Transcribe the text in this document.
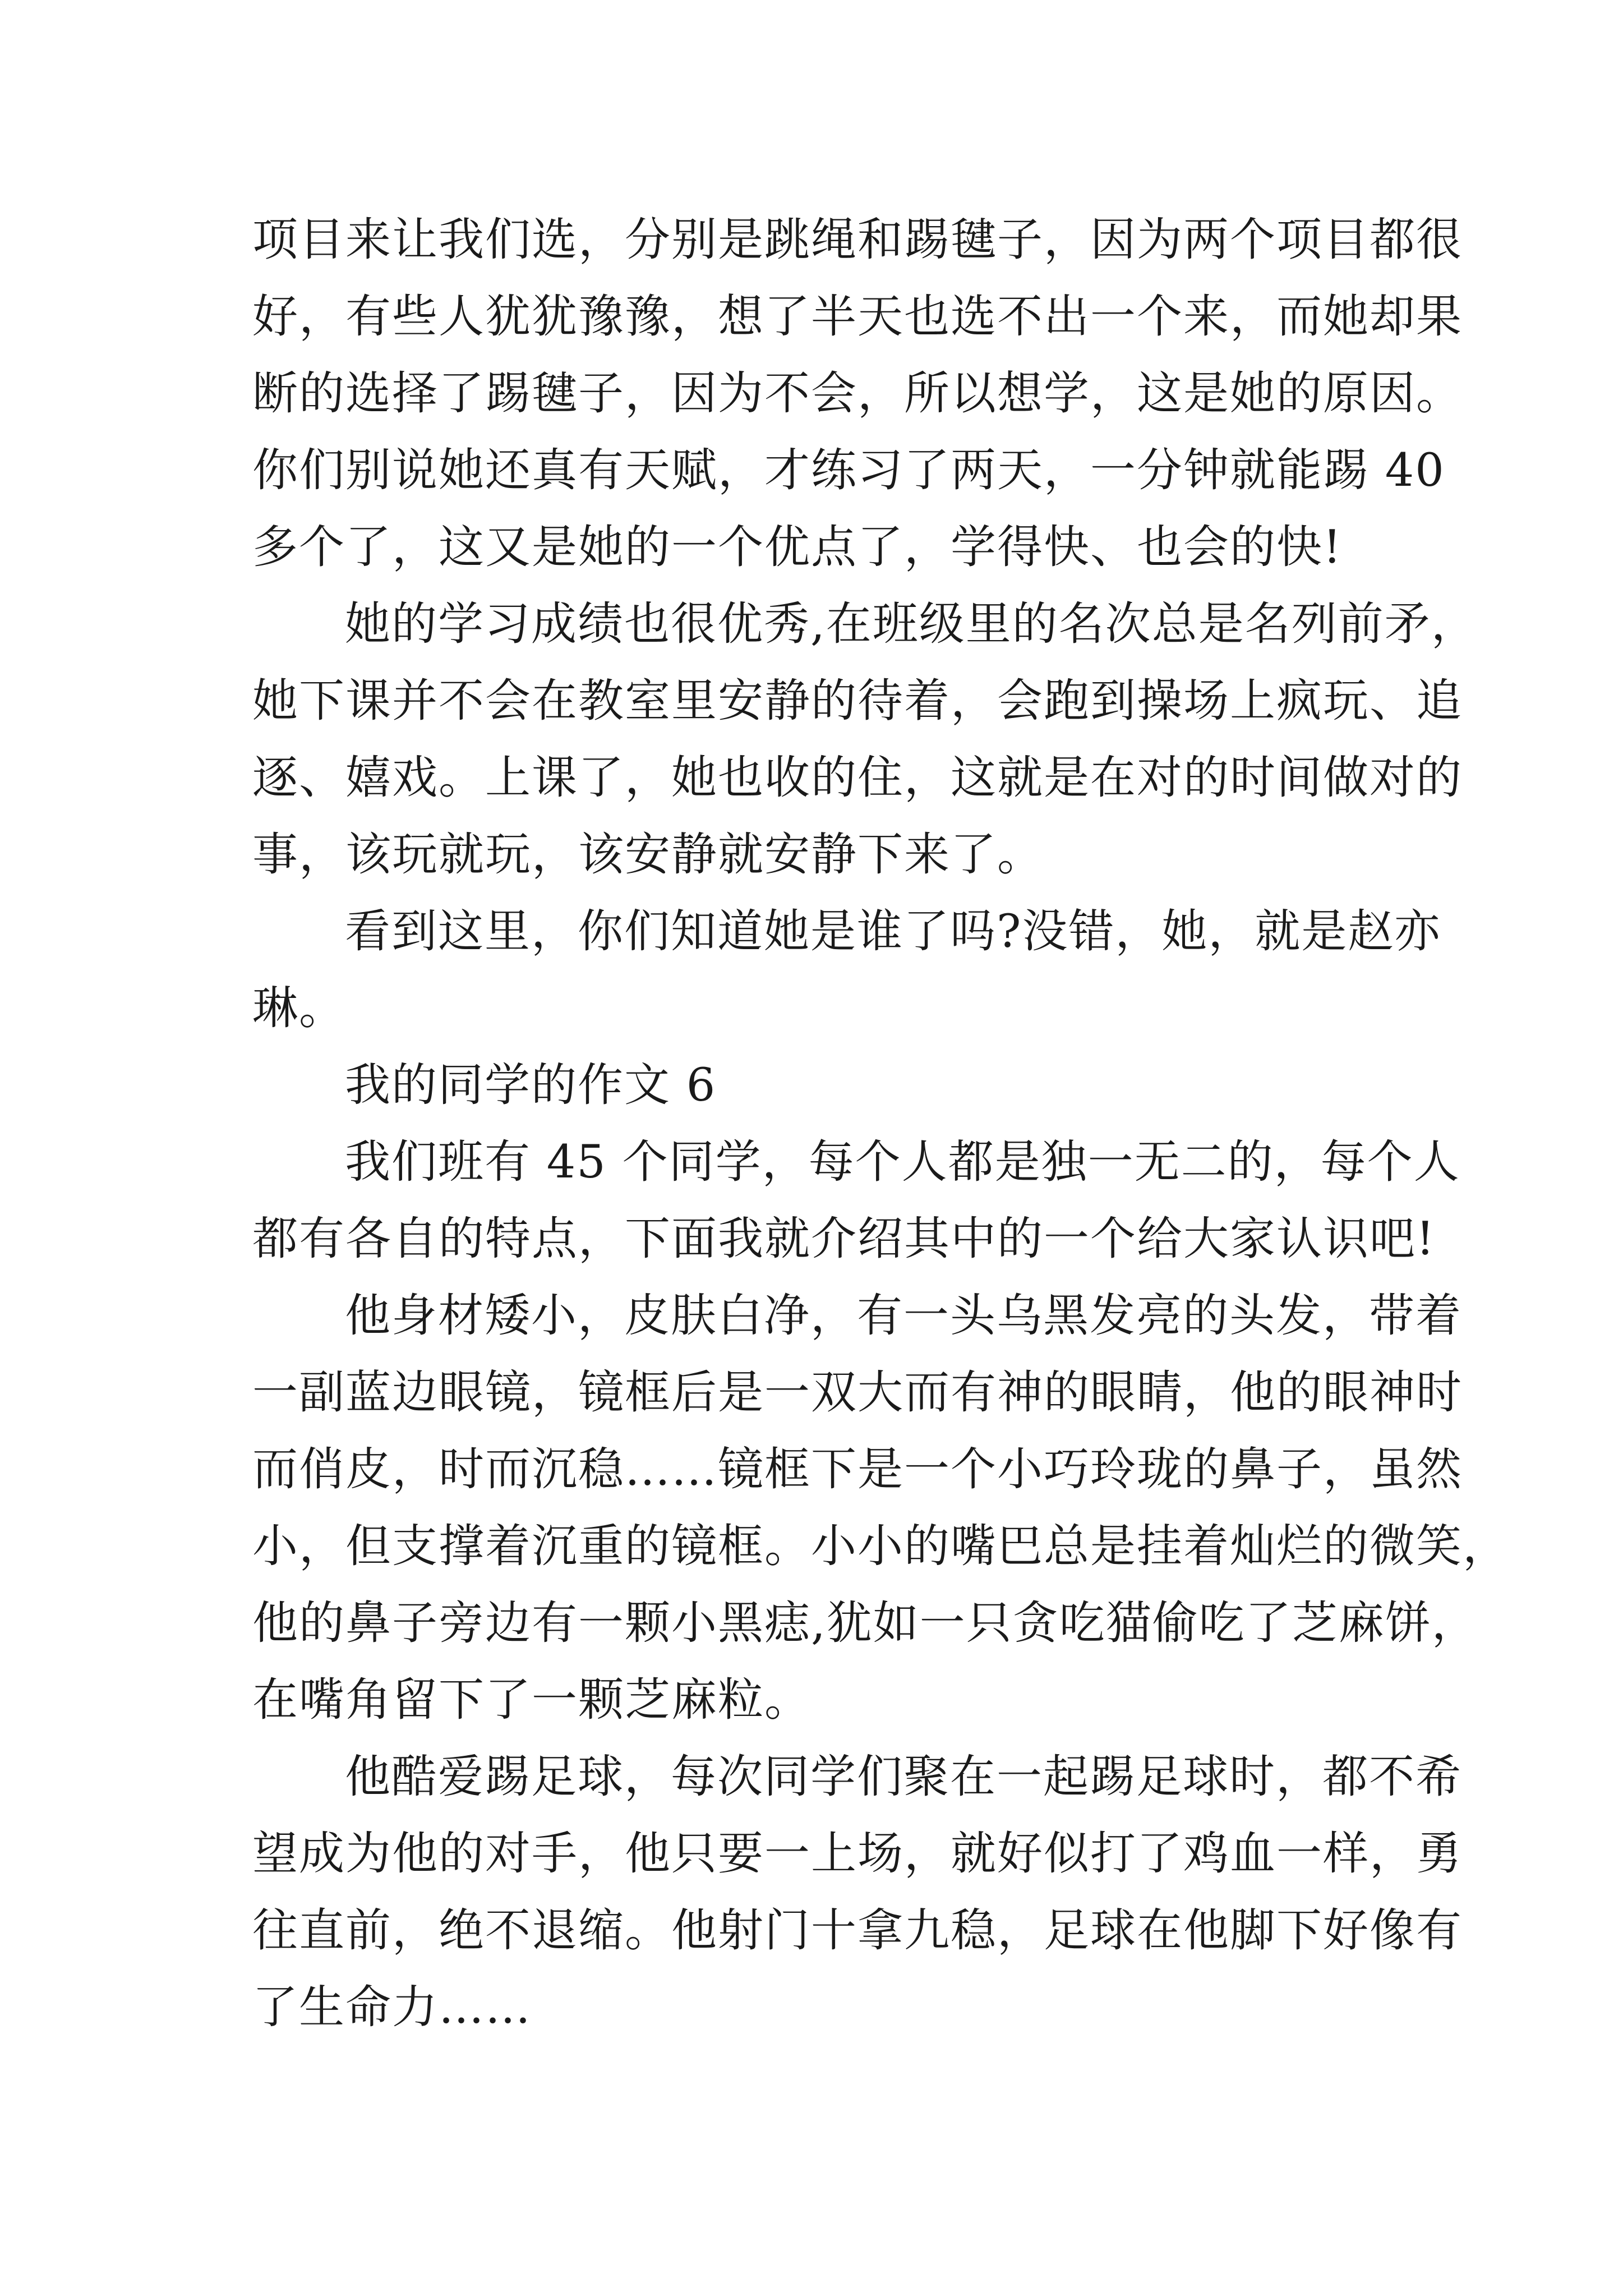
项目来让我们选，分别是跳绳和踢毽子，因为两个项目都很
好，有些人犹犹豫豫，想了半天也选不出一个来，而她却果
断的选择了踢毽子，因为不会，所以想学，这是她的原因。
你们别说她还真有天赋，才练习了两天，一分钟就能踢 40
多个了，这又是她的一个优点了，学得快、也会的快!
她的学习成绩也很优秀,在班级里的名次总是名列前矛，
她下课并不会在教室里安静的待着，会跑到操场上疯玩、追
逐、嬉戏。上课了，她也收的住，这就是在对的时间做对的
事，该玩就玩，该安静就安静下来了。
看到这里，你们知道她是谁了吗?没错，她，就是赵亦
琳。
我的同学的作文 6
我们班有 45 个同学，每个人都是独一无二的，每个人
都有各自的特点，下面我就介绍其中的一个给大家认识吧!
他身材矮小，皮肤白净，有一头乌黑发亮的头发，带着
一副蓝边眼镜，镜框后是一双大而有神的眼睛，他的眼神时
而俏皮，时而沉稳……镜框下是一个小巧玲珑的鼻子，虽然
小，但支撑着沉重的镜框。小小的嘴巴总是挂着灿烂的微笑，
他的鼻子旁边有一颗小黑痣,犹如一只贪吃猫偷吃了芝麻饼，
在嘴角留下了一颗芝麻粒。
他酷爱踢足球，每次同学们聚在一起踢足球时，都不希
望成为他的对手，他只要一上场，就好似打了鸡血一样，勇
往直前，绝不退缩。他射门十拿九稳，足球在他脚下好像有
了生命力……
